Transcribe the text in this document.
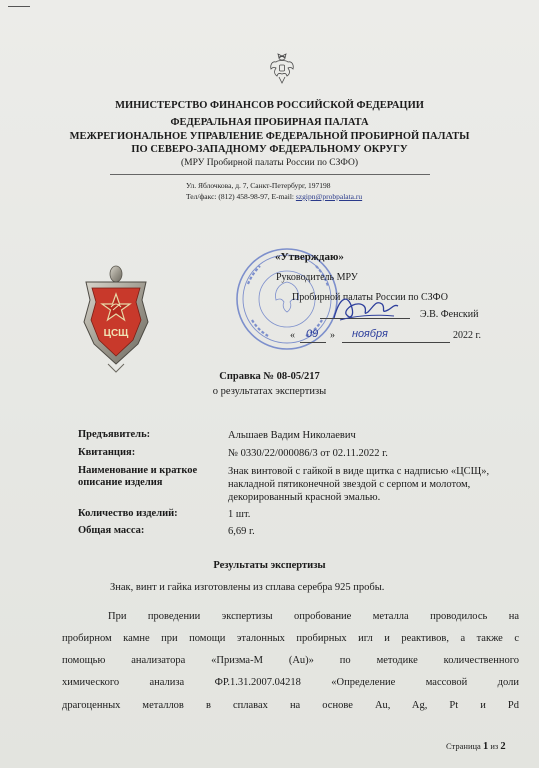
МИНИСТЕРСТВО ФИНАНСОВ РОССИЙСКОЙ ФЕДЕРАЦИИ
ФЕДЕРАЛЬНАЯ ПРОБИРНАЯ ПАЛАТА
МЕЖРЕГИОНАЛЬНОЕ УПРАВЛЕНИЕ ФЕДЕРАЛЬНОЙ ПРОБИРНОЙ ПАЛАТЫ
ПО СЕВЕРО-ЗАПАДНОМУ ФЕДЕРАЛЬНОМУ ОКРУГУ
(МРУ Пробирной палаты России по СЗФО)
Ул. Яблочкова, д. 7, Санкт-Петербург, 197198
Тел/факс: (812) 458-98-97, E-mail: szgipn@probpalata.ru
ЦСЩ
«Утверждаю»
Руководитель МРУ
Пробирной палаты России по СЗФО
Э.В. Фенский
« 09 » ноября	2022 г.
Справка № 08-05/217
о результатах экспертизы
Предъявитель:	Альшаев Вадим Николаевич
Квитанция:	№ 0330/22/000086/3 от 02.11.2022 г.
Наименование и краткое описание изделия
Знак винтовой с гайкой в виде щитка с надписью «ЦСЩ», накладной пятиконечной звездой с серпом и молотом, декорированный красной эмалью.
Количество изделий:	1 шт.
Общая масса:	6,69 г.
Результаты экспертизы
Знак, винт и гайка изготовлены из сплава серебра 925 пробы.
При проведении экспертизы опробование металла проводилось на
пробирном камне при помощи эталонных пробирных игл и реактивов, а также с
помощью анализатора «Призма-М (Au)» по методике количественного
химического анализа ФР.1.31.2007.04218 «Определение массовой доли
драгоценных металлов в сплавах на основе Au, Ag, Pt и Pd
Страница 1 из 2
